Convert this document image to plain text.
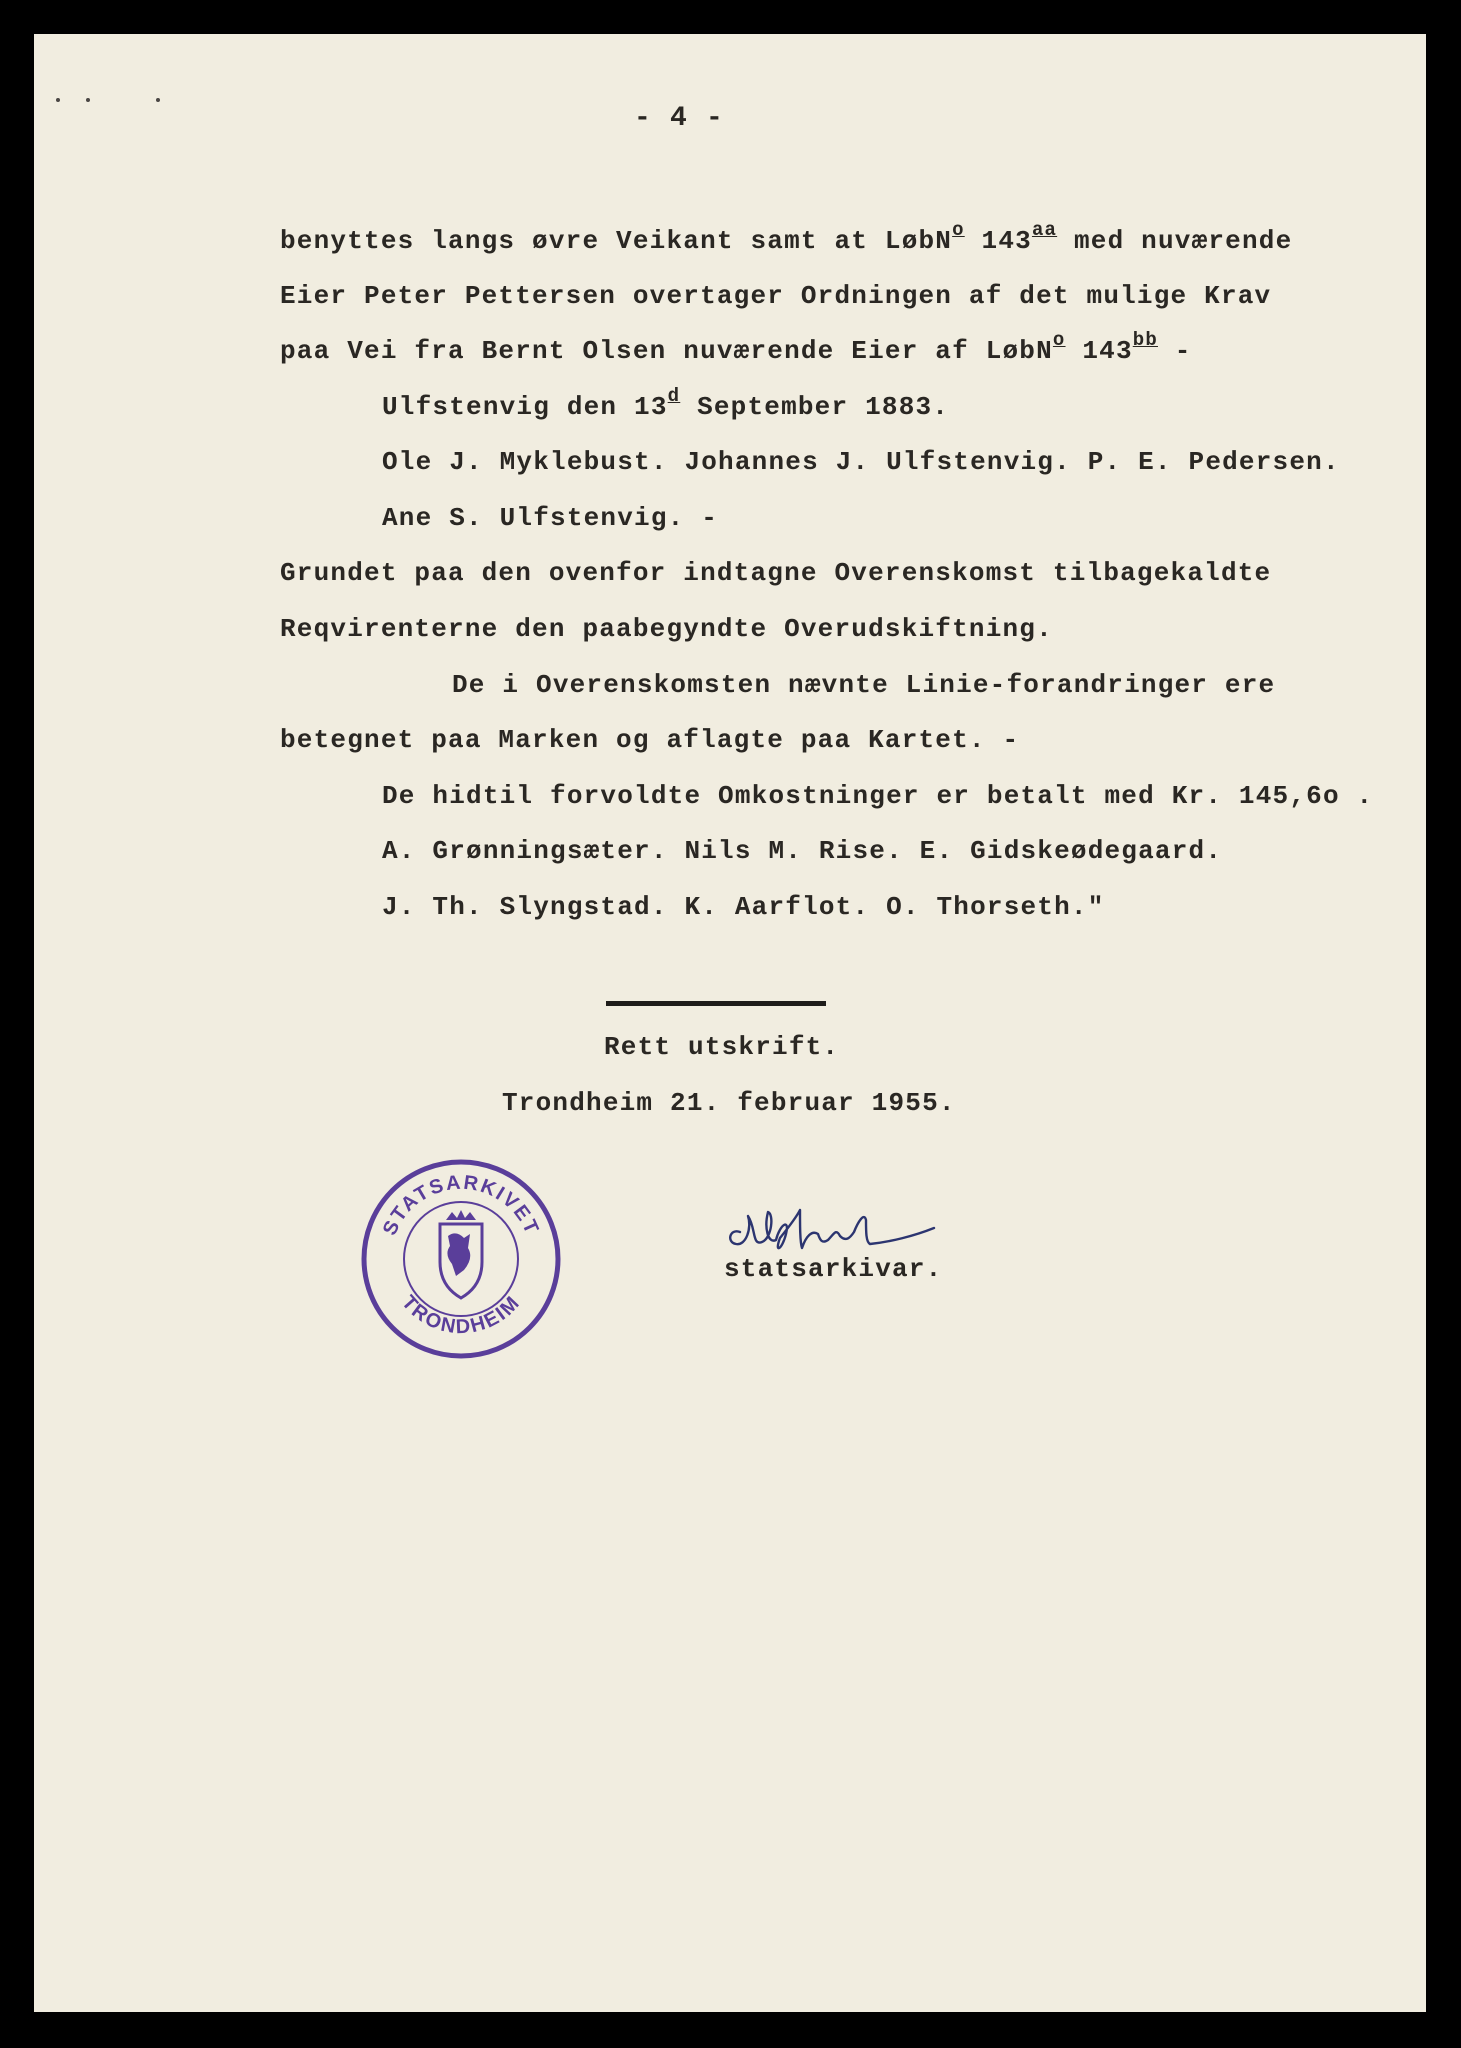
- 4 -
benyttes langs øvre Veikant samt at LøbN$^o$ $143^{aa}$ med nuværende
Eier Peter Pettersen overtager Ordningen af det mulige Krav
paa Vei fra Bernt Olsen nuværende Eier af LøbN$^o$ $143^{bb}$ -
Ulfstenvig den 13$^d$ September 1883.
Ole J. Myklebust. Johannes J. Ulfstenvig. P. E. Pedersen.
Ane S. Ulfstenvig. -
Grundet paa den ovenfor indtagne Overenskomst tilbagekaldte
Reqvirenterne den paabegyndte Overudskiftning.
De i Overenskomsten nævnte Linie-forandringer ere
betegnet paa Marken og aflagte paa Kartet. -
De hidtil forvoldte Omkostninger er betalt med Kr. 145,6o .
A. Grønningsæter. Nils M. Rise. E. Gidskeødegaard.
J. Th. Slyngstad. K. Aarflot. O. Thorseth."
Rett utskrift.
Trondheim 21. februar 1955.
STATSARKIVET
TRONDHEIM
statsarkivar.
